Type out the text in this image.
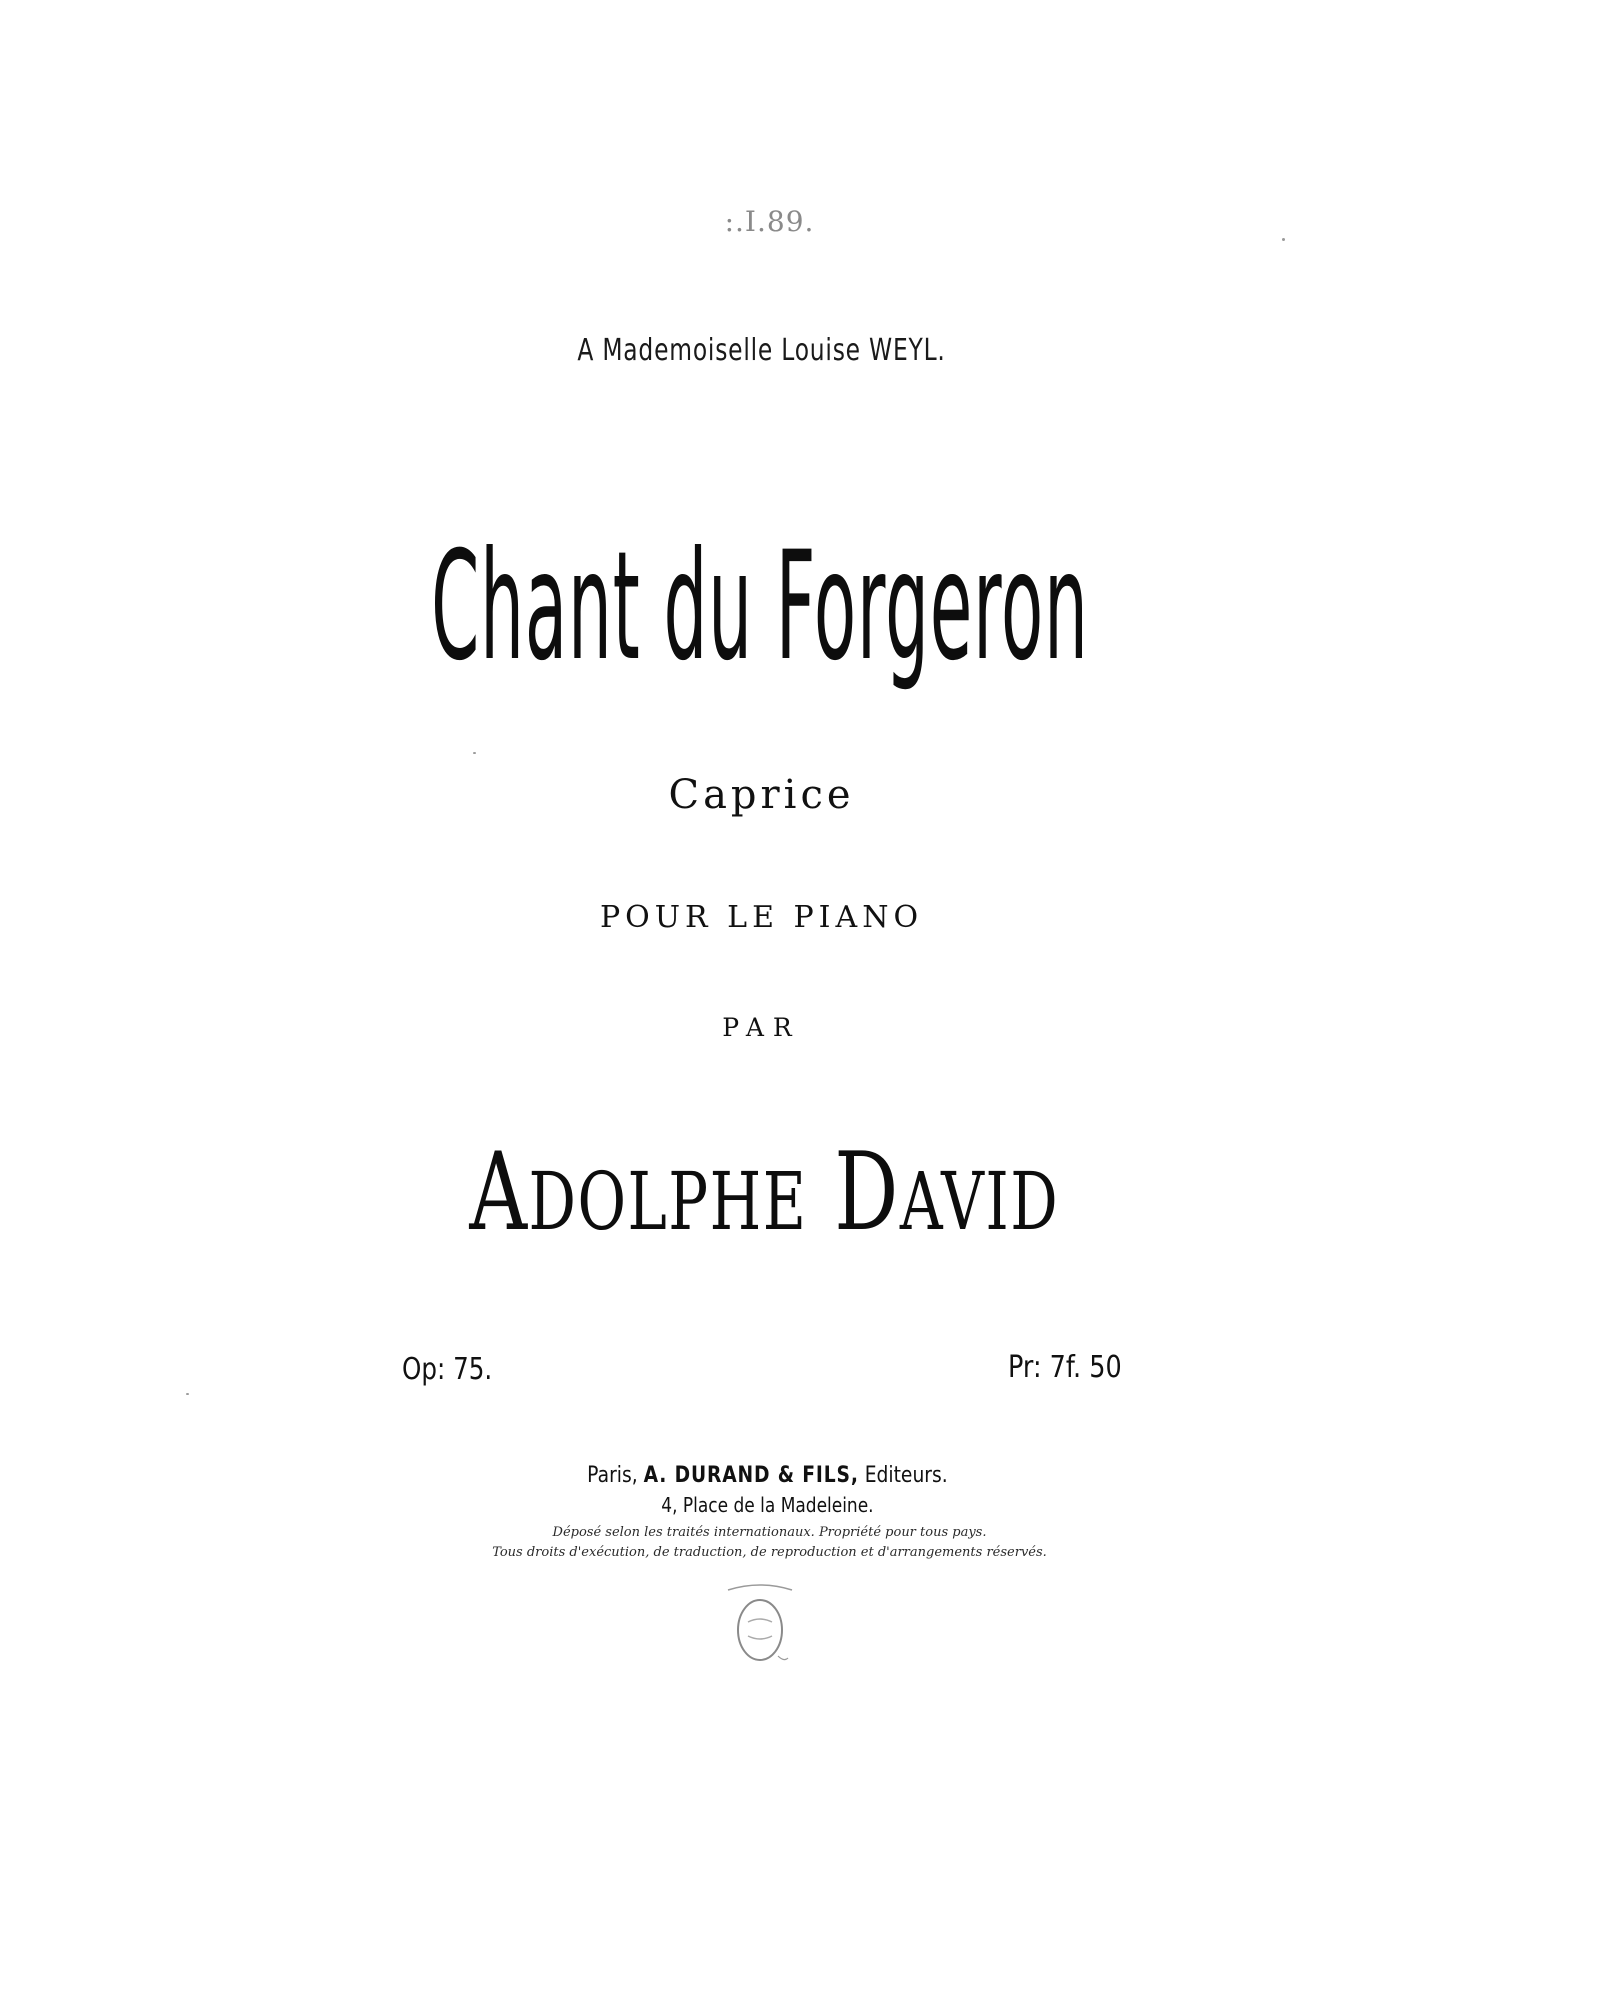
:.I.89.
A Mademoiselle Louise WEYL.
Chant du Forgeron
Caprice
POUR LE PIANO
PAR
ADOLPHE DAVID
Op: 75.	Pr: 7f. 50
Paris, A. DURAND & FILS, Editeurs.
4, Place de la Madeleine.
Déposé selon les traités internationaux. Propriété pour tous pays.
Tous droits d'exécution, de traduction, de reproduction et d'arrangements réservés.
